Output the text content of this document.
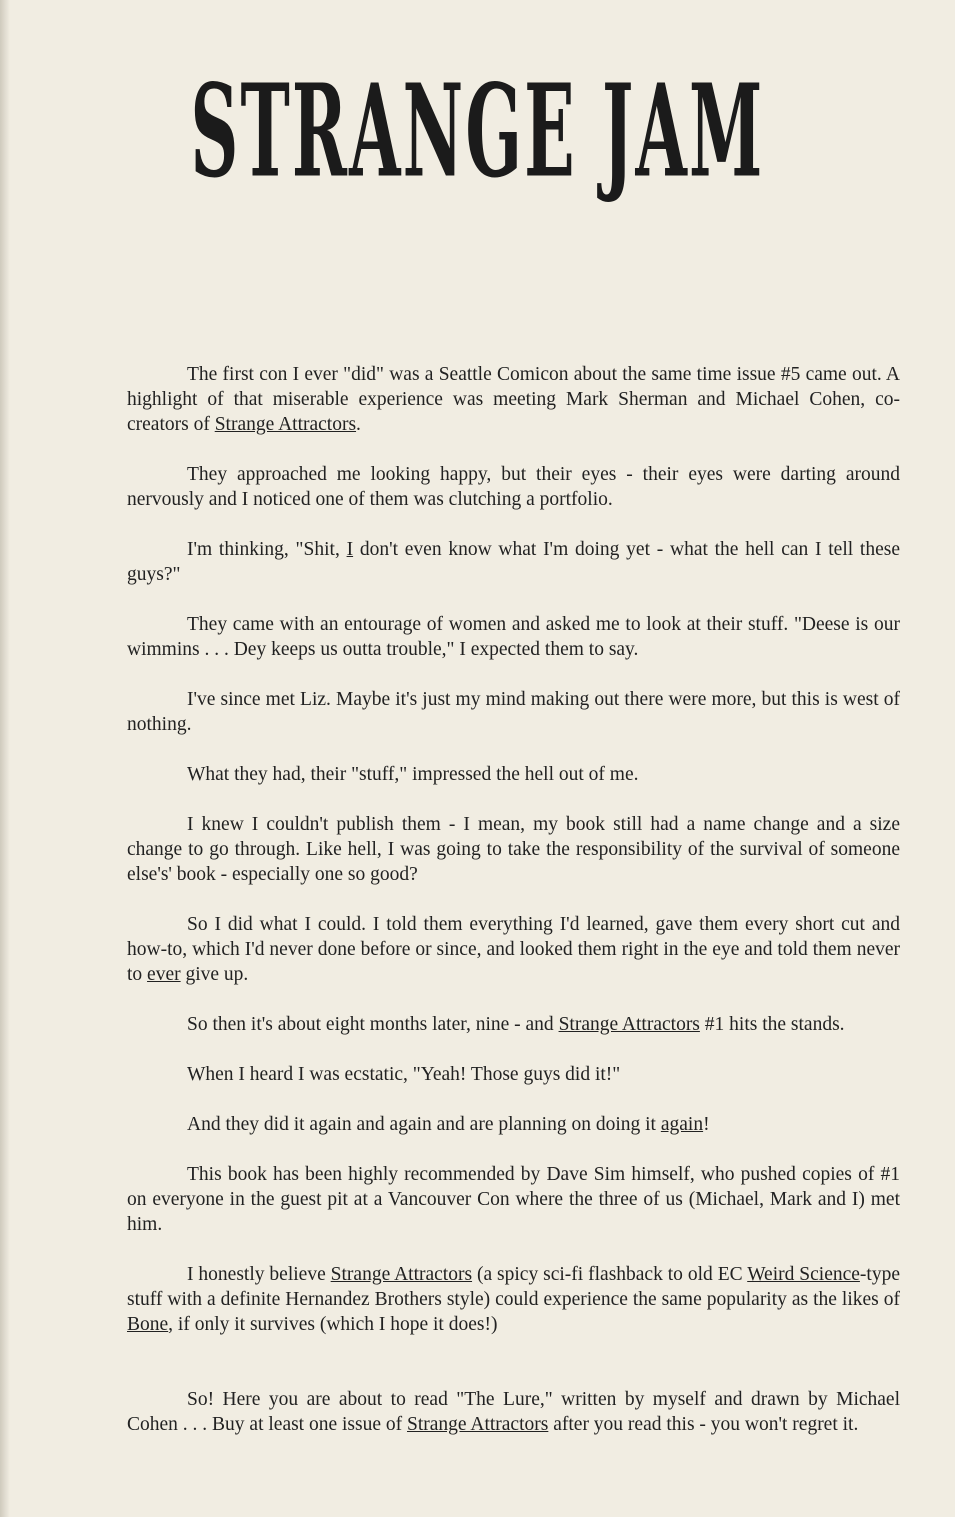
STRANGE JAM

The first con I ever "did" was a Seattle Comicon about the same time issue #5 came out. A highlight of that miserable experience was meeting Mark Sherman and Michael Cohen, co-creators of Strange Attractors.

They approached me looking happy, but their eyes - their eyes were darting around nervously and I noticed one of them was clutching a portfolio.

I'm thinking, "Shit, I don't even know what I'm doing yet - what the hell can I tell these guys?"

They came with an entourage of women and asked me to look at their stuff. "Deese is our wimmins . . . Dey keeps us outta trouble," I expected them to say.

I've since met Liz. Maybe it's just my mind making out there were more, but this is west of nothing.

What they had, their "stuff," impressed the hell out of me.

I knew I couldn't publish them - I mean, my book still had a name change and a size change to go through. Like hell, I was going to take the responsibility of the survival of someone else's' book - especially one so good?

So I did what I could. I told them everything I'd learned, gave them every short cut and how-to, which I'd never done before or since, and looked them right in the eye and told them never to ever give up.

So then it's about eight months later, nine - and Strange Attractors #1 hits the stands.

When I heard I was ecstatic, "Yeah! Those guys did it!"

And they did it again and again and are planning on doing it again!

This book has been highly recommended by Dave Sim himself, who pushed copies of #1 on everyone in the guest pit at a Vancouver Con where the three of us (Michael, Mark and I) met him.

I honestly believe Strange Attractors (a spicy sci-fi flashback to old EC Weird Science-type stuff with a definite Hernandez Brothers style) could experience the same popularity as the likes of Bone, if only it survives (which I hope it does!)

So! Here you are about to read "The Lure," written by myself and drawn by Michael Cohen . . . Buy at least one issue of Strange Attractors after you read this - you won't regret it.
